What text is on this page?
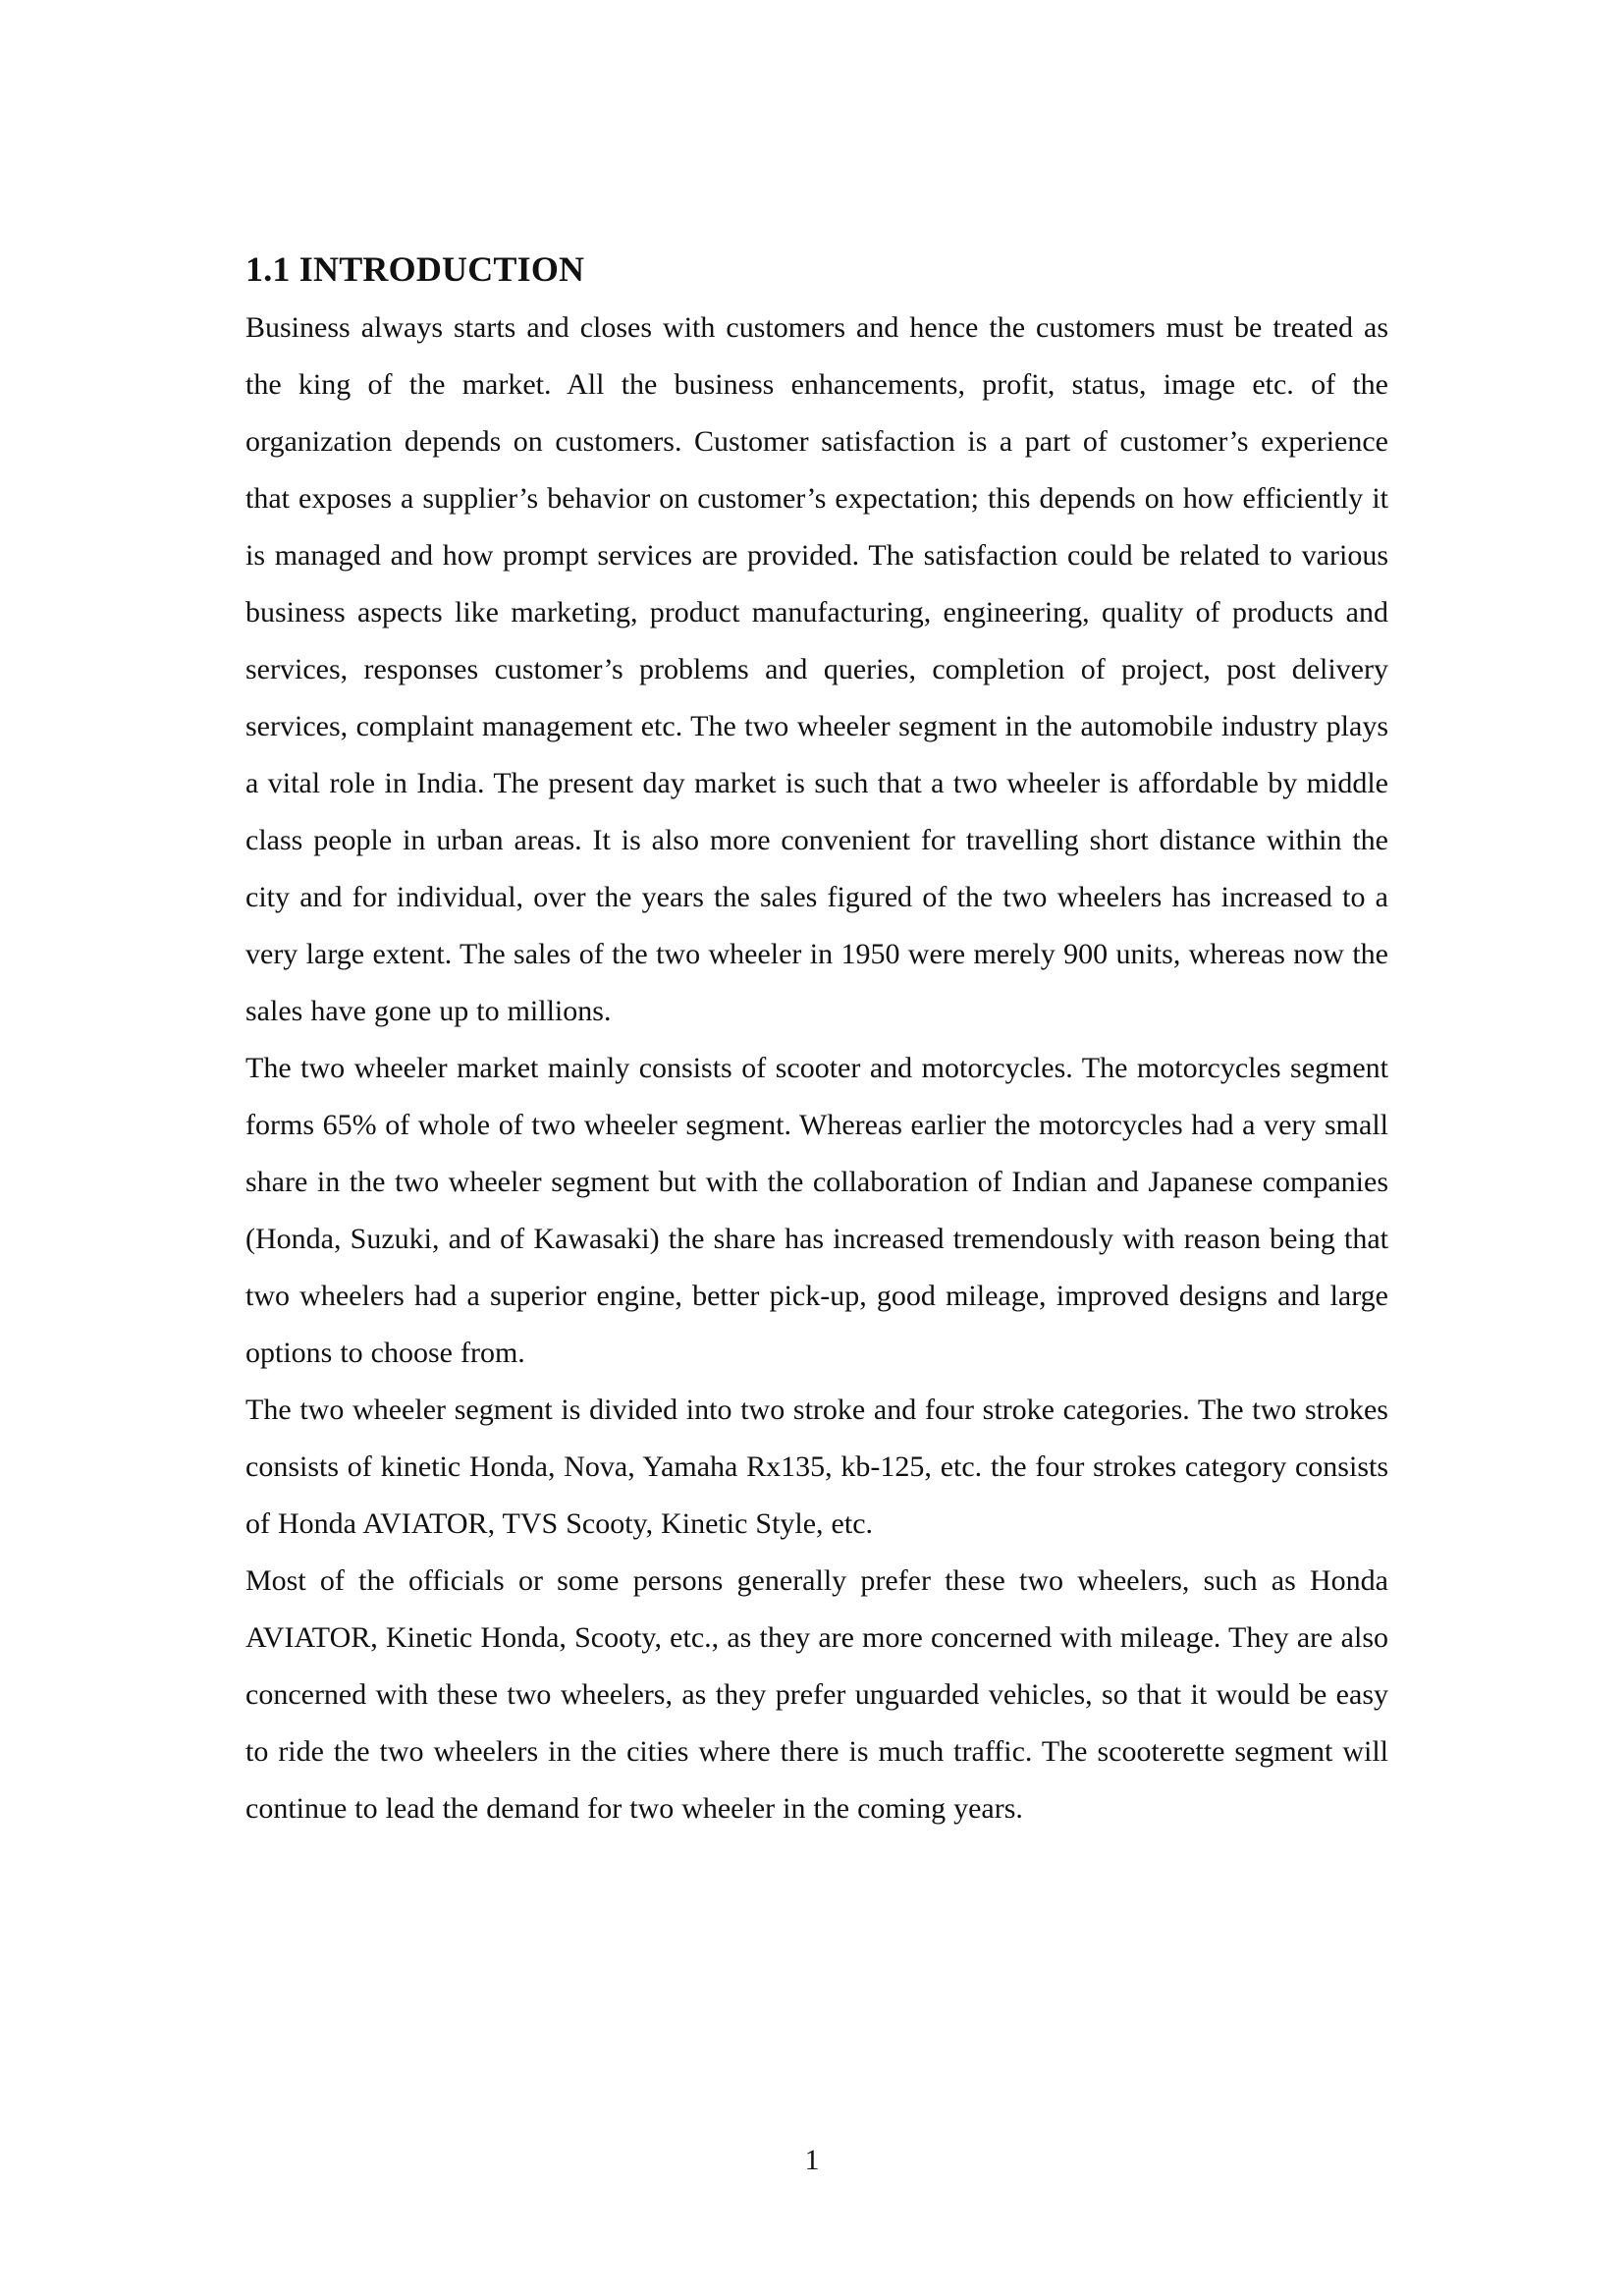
1.1 INTRODUCTION

Business always starts and closes with customers and hence the customers must be treated as the king of the market. All the business enhancements, profit, status, image etc. of the organization depends on customers. Customer satisfaction is a part of customer’s experience that exposes a supplier’s behavior on customer’s expectation; this depends on how efficiently it is managed and how prompt services are provided. The satisfaction could be related to various business aspects like marketing, product manufacturing, engineering, quality of products and services, responses customer’s problems and queries, completion of project, post delivery services, complaint management etc. The two wheeler segment in the automobile industry plays a vital role in India. The present day market is such that a two wheeler is affordable by middle class people in urban areas. It is also more convenient for travelling short distance within the city and for individual, over the years the sales figured of the two wheelers has increased to a very large extent. The sales of the two wheeler in 1950 were merely 900 units, whereas now the sales have gone up to millions.

The two wheeler market mainly consists of scooter and motorcycles. The motorcycles segment forms 65% of whole of two wheeler segment. Whereas earlier the motorcycles had a very small share in the two wheeler segment but with the collaboration of Indian and Japanese companies (Honda, Suzuki, and of Kawasaki) the share has increased tremendously with reason being that two wheelers had a superior engine, better pick-up, good mileage, improved designs and large options to choose from.

The two wheeler segment is divided into two stroke and four stroke categories. The two strokes consists of kinetic Honda, Nova, Yamaha Rx135, kb-125, etc. the four strokes category consists of Honda AVIATOR, TVS Scooty, Kinetic Style, etc.

Most of the officials or some persons generally prefer these two wheelers, such as Honda AVIATOR, Kinetic Honda, Scooty, etc., as they are more concerned with mileage. They are also concerned with these two wheelers, as they prefer unguarded vehicles, so that it would be easy to ride the two wheelers in the cities where there is much traffic. The scooterette segment will continue to lead the demand for two wheeler in the coming years.

1
